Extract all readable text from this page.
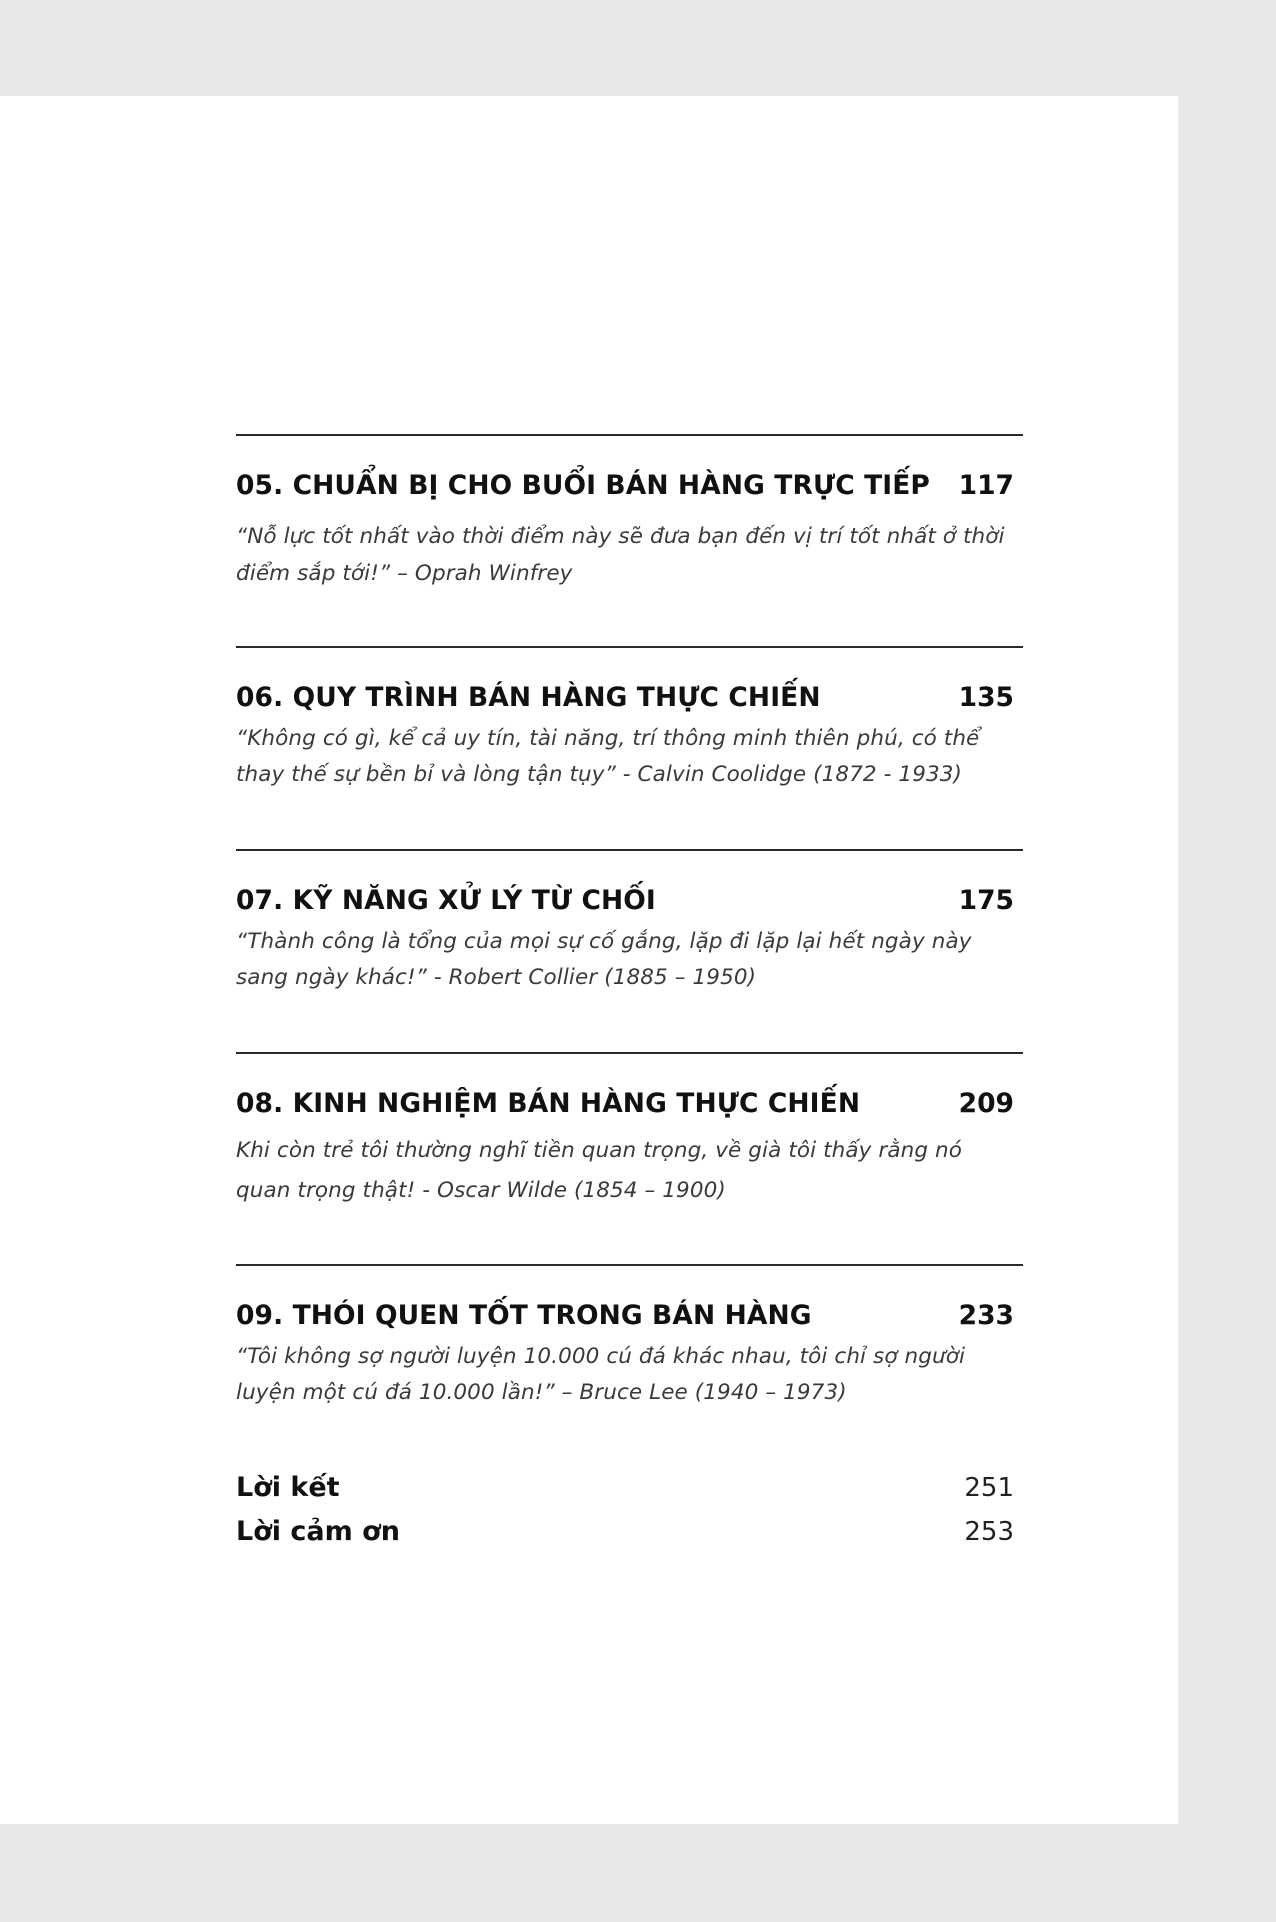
05. CHUẨN BỊ CHO BUỔI BÁN HÀNG TRỰC TIẾP 117

“Nỗ lực tốt nhất vào thời điểm này sẽ đưa bạn đến vị trí tốt nhất ở thời

điểm sắp tới!” – Oprah Winfrey

06. QUY TRÌNH BÁN HÀNG THỰC CHIẾN	135

“Không có gì, kể cả uy tín, tài năng, trí thông minh thiên phú, có thể

thay thế sự bền bỉ và lòng tận tụy” - Calvin Coolidge (1872 - 1933)

07. KỸ NĂNG XỬ LÝ TỪ CHỐI	175

“Thành công là tổng của mọi sự cố gắng, lặp đi lặp lại hết ngày này

sang ngày khác!” - Robert Collier (1885 – 1950)

08. KINH NGHIỆM BÁN HÀNG THỰC CHIẾN	209

Khi còn trẻ tôi thường nghĩ tiền quan trọng, về già tôi thấy rằng nó

quan trọng thật! - Oscar Wilde (1854 – 1900)

09. THÓI QUEN TỐT TRONG BÁN HÀNG	233

“Tôi không sợ người luyện 10.000 cú đá khác nhau, tôi chỉ sợ người

luyện một cú đá 10.000 lần!” – Bruce Lee (1940 – 1973)

Lời kết	251
Lời cảm ơn	253
